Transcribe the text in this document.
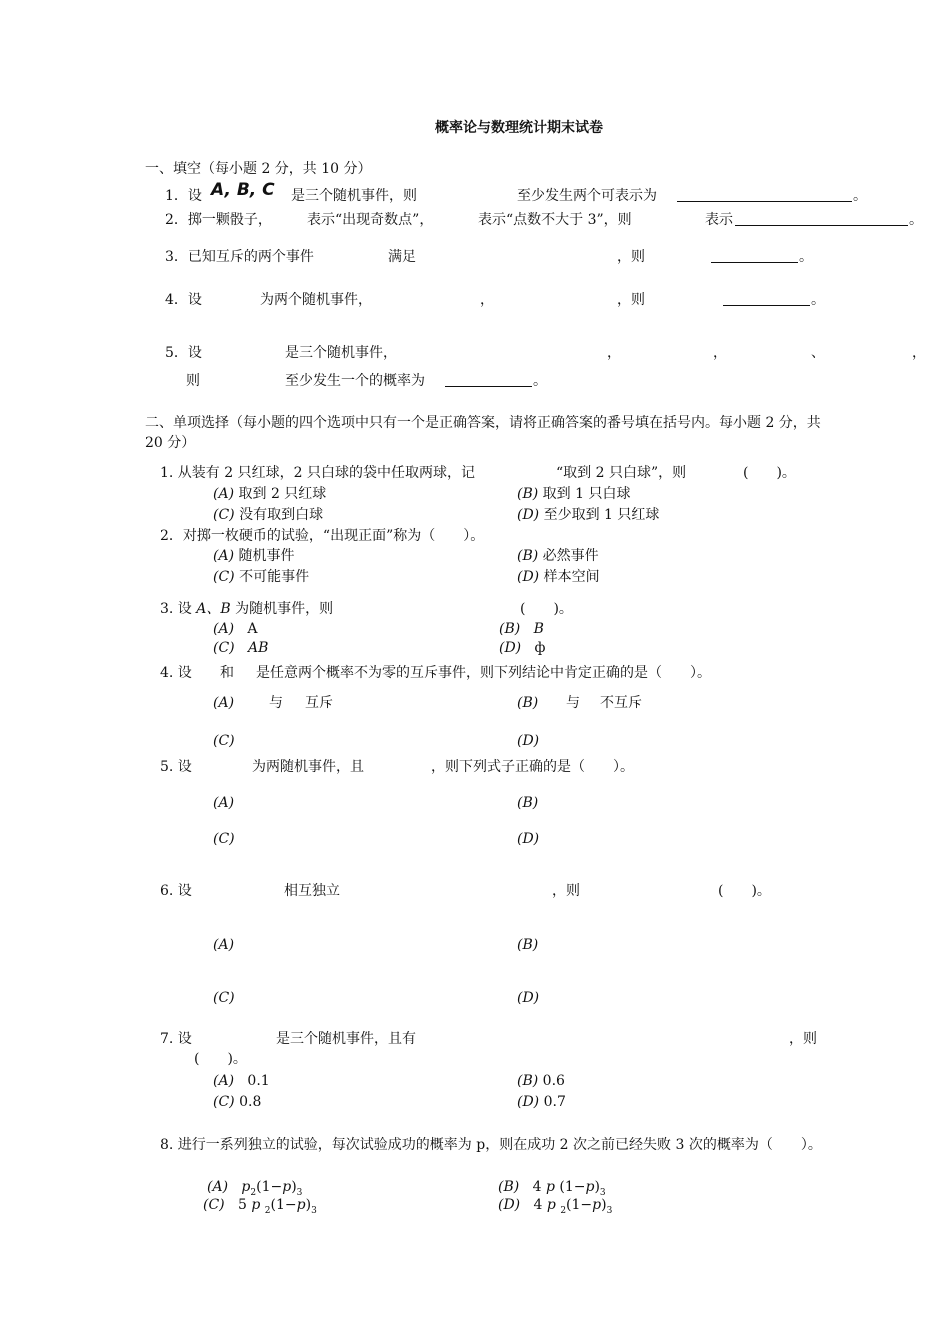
概率论与数理统计期末试卷
一、填空（每小题 2 分，共 10 分）
1．设 A, B, C 是三个随机事件，则	至少发生两个可表示为	。
2．掷一颗骰子，	表示“出现奇数点”，	表示“点数不大于 3”，则	表示	。
3．已知互斥的两个事件	满足	，则	。
4．设	为两个随机事件，	，	，则	。
5．设	是三个随机事件，	，	，	、	，
则	至少发生一个的概率为	。
二、单项选择（每小题的四个选项中只有一个是正确答案，请将正确答案的番号填在括号内。每小题 2 分，共
20 分）
1. 从装有 2 只红球，2 只白球的袋中任取两球，记	“取到 2 只白球”，则	(　　)。
(A) 取到 2 只红球	(B) 取到 1 只白球
(C) 没有取到白球	(D) 至少取到 1 只红球
2．对掷一枚硬币的试验，“出现正面”称为（　　）。
(A) 随机事件	(B) 必然事件
(C) 不可能事件	(D) 样本空间
3. 设 A、B 为随机事件，则	(　　)。
(A) A	(B) B
(C) AB	(D) ф
4. 设 和 是任意两个概率不为零的互斥事件，则下列结论中肯定正确的是（　　）。
(A) 与 互斥	(B) 与 不互斥
(C)	(D)
5. 设	为两随机事件，且	，则下列式子正确的是（　　）。
(A)	(B)
(C)	(D)
6. 设	相互独立	，则	(　　)。
(A)	(B)
(C)	(D)
7. 设	是三个随机事件，且有	，则
(　　)。
(A) 0.1	(B) 0.6
(C) 0.8	(D) 0.7
8. 进行一系列独立的试验，每次试验成功的概率为 p，则在成功 2 次之前已经失败 3 次的概率为（　　）。
(A) $p_2(1-p)_3$	(B) 4 p $(1-p)_3$
(C) 5 p $_2(1-p)_3$	(D) 4 p $_2(1-p)_3$
